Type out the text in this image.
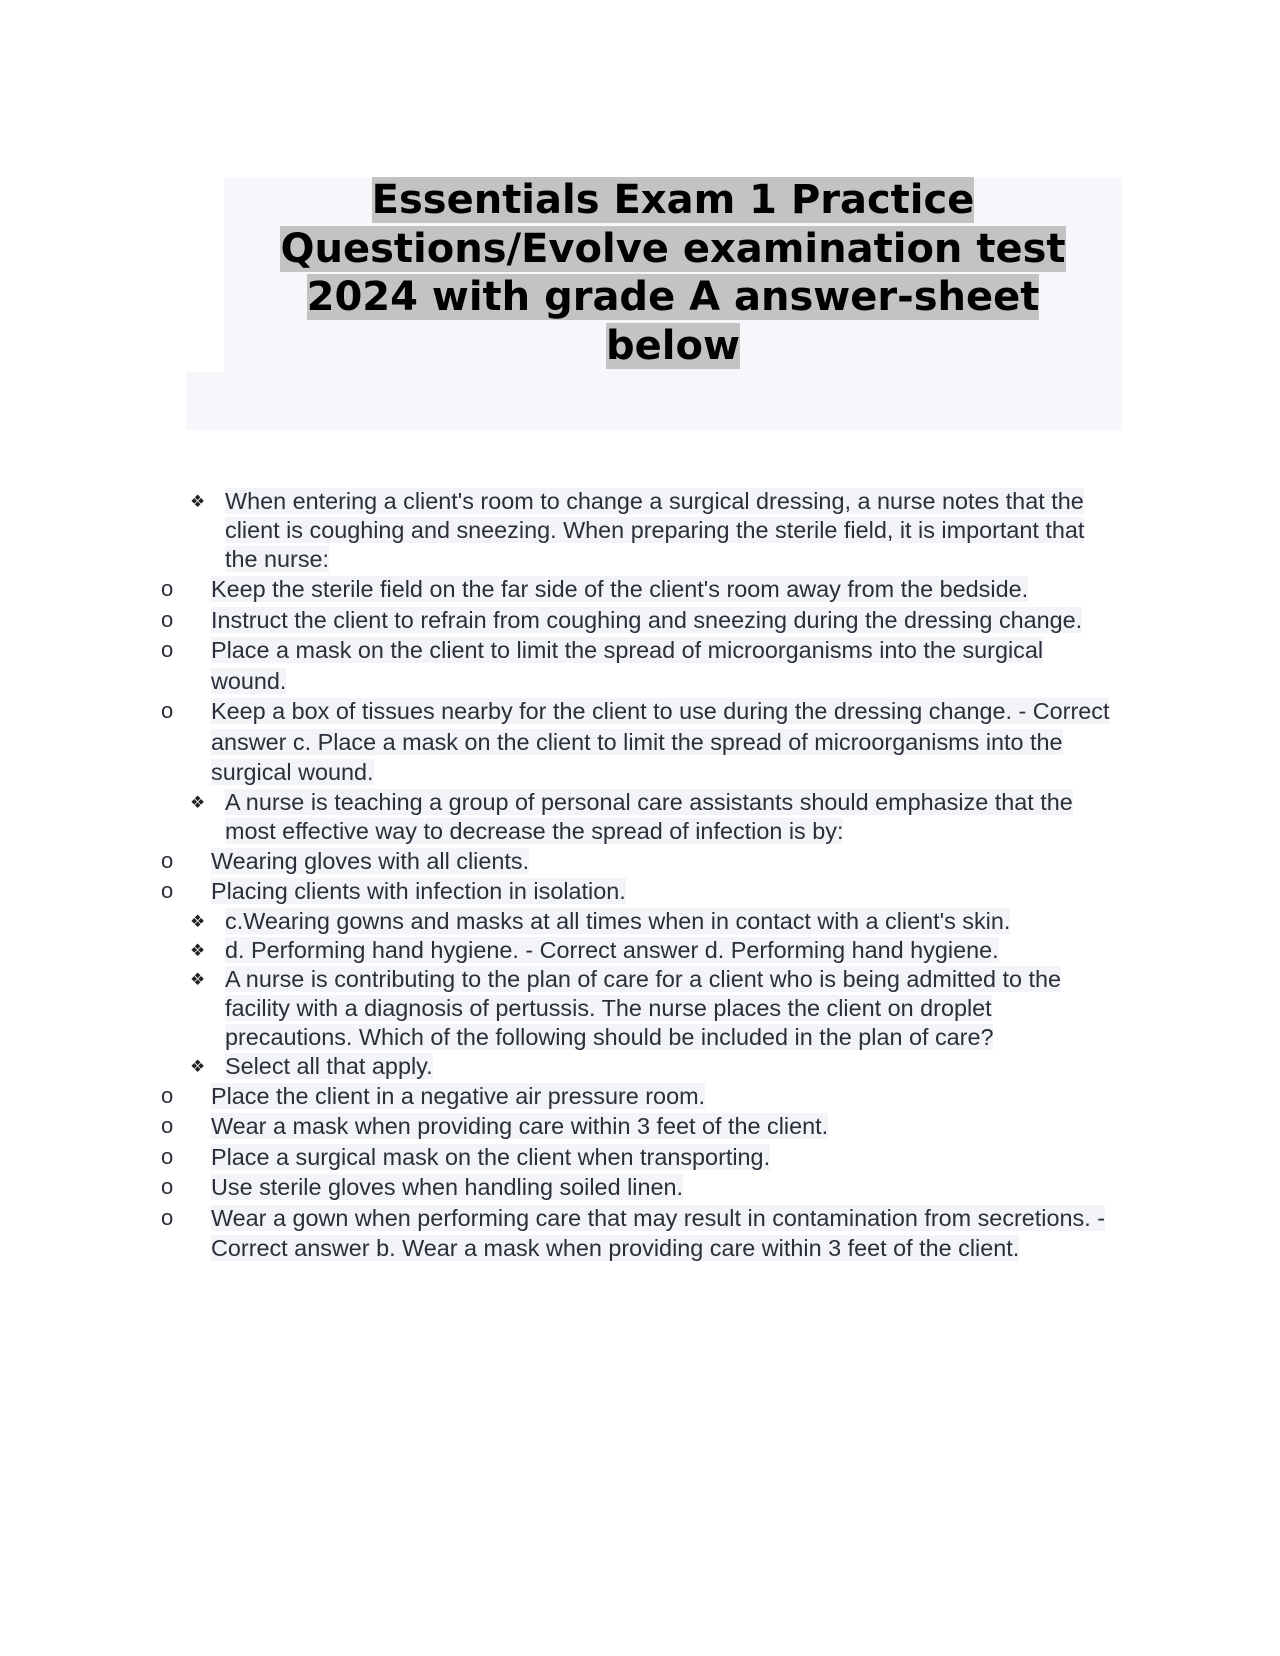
Essentials Exam 1 Practice
Questions/Evolve examination test
2024 with grade A answer-sheet
below
❖ When entering a client's room to change a surgical dressing, a nurse notes that the client is coughing and sneezing. When preparing the sterile field, it is important that the nurse:
o Keep the sterile field on the far side of the client's room away from the bedside.
o Instruct the client to refrain from coughing and sneezing during the dressing change.
o Place a mask on the client to limit the spread of microorganisms into the surgical wound.
o Keep a box of tissues nearby for the client to use during the dressing change. - Correct answer c. Place a mask on the client to limit the spread of microorganisms into the surgical wound.
❖ A nurse is teaching a group of personal care assistants should emphasize that the most effective way to decrease the spread of infection is by:
o Wearing gloves with all clients.
o Placing clients with infection in isolation.
❖ c.Wearing gowns and masks at all times when in contact with a client's skin.
❖ d. Performing hand hygiene. - Correct answer d. Performing hand hygiene.
❖ A nurse is contributing to the plan of care for a client who is being admitted to the facility with a diagnosis of pertussis. The nurse places the client on droplet precautions. Which of the following should be included in the plan of care?
❖ Select all that apply.
o Place the client in a negative air pressure room.
o Wear a mask when providing care within 3 feet of the client.
o Place a surgical mask on the client when transporting.
o Use sterile gloves when handling soiled linen.
o Wear a gown when performing care that may result in contamination from secretions. - Correct answer b. Wear a mask when providing care within 3 feet of the client.
